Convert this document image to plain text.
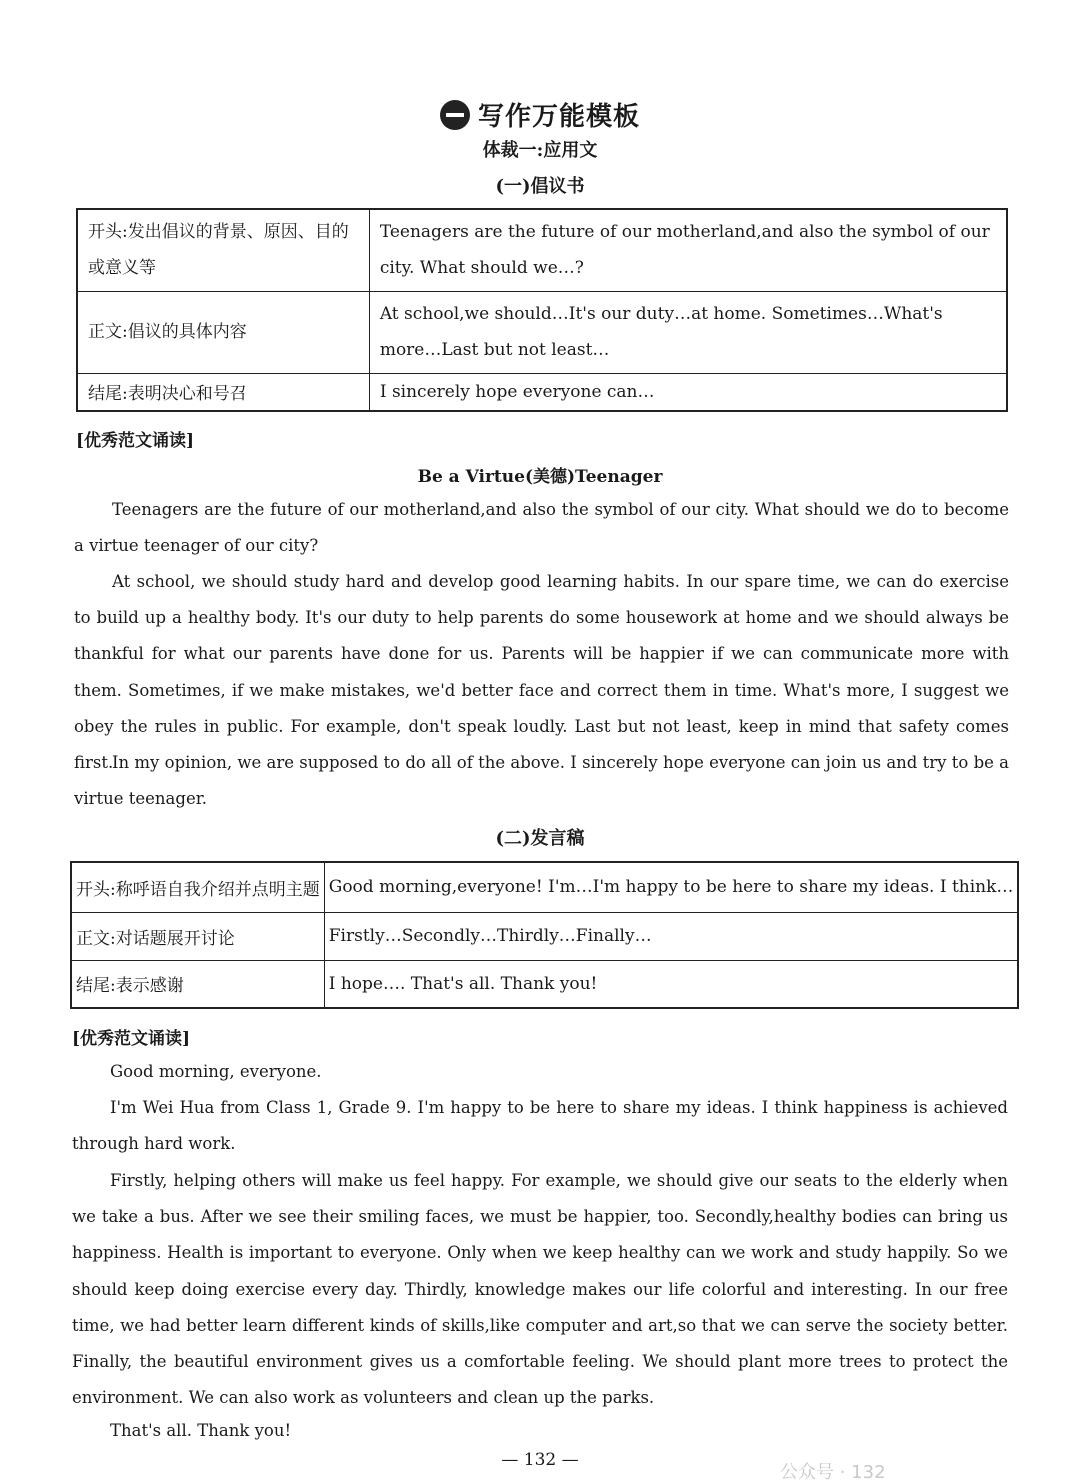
写作万能模板
体裁一:应用文
(一)倡议书
开头:发出倡议的背景、原因、目的或意义等	Teenagers are the future of our motherland,and also the symbol of our city. What should we…?
正文:倡议的具体内容	At school,we should…It's our duty…at home. Sometimes…What's more…Last but not least…
结尾:表明决心和号召	I sincerely hope everyone can…
[优秀范文诵读]
Be a Virtue(美德)Teenager

Teenagers are the future of our motherland,and also the symbol of our city. What should we do to become a virtue teenager of our city?

At school, we should study hard and develop good learning habits. In our spare time, we can do exercise to build up a healthy body. It's our duty to help parents do some housework at home and we should always be thankful for what our parents have done for us. Parents will be happier if we can communicate more with them. Sometimes, if we make mistakes, we'd better face and correct them in time. What's more, I suggest we obey the rules in public. For example, don't speak loudly. Last but not least, keep in mind that safety comes first.

In my opinion, we are supposed to do all of the above. I sincerely hope everyone can join us and try to be a virtue teenager.

(二)发言稿
开头:称呼语自我介绍并点明主题	Good morning,everyone! I'm…I'm happy to be here to share my ideas. I think…
正文:对话题展开讨论	Firstly…Secondly…Thirdly…Finally…
结尾:表示感谢	I hope…. That's all. Thank you!
[优秀范文诵读]

Good morning, everyone.

I'm Wei Hua from Class 1, Grade 9. I'm happy to be here to share my ideas. I think happiness is achieved through hard work.

Firstly, helping others will make us feel happy. For example, we should give our seats to the elderly when we take a bus. After we see their smiling faces, we must be happier, too. Secondly,healthy bodies can bring us happiness. Health is important to everyone. Only when we keep healthy can we work and study happily. So we should keep doing exercise every day. Thirdly, knowledge makes our life colorful and interesting. In our free time, we had better learn different kinds of skills,like computer and art,so that we can serve the society better. Finally, the beautiful environment gives us a comfortable feeling. We should plant more trees to protect the environment. We can also work as volunteers and clean up the parks.

That's all. Thank you!

— 132 —
公众号 · 132
